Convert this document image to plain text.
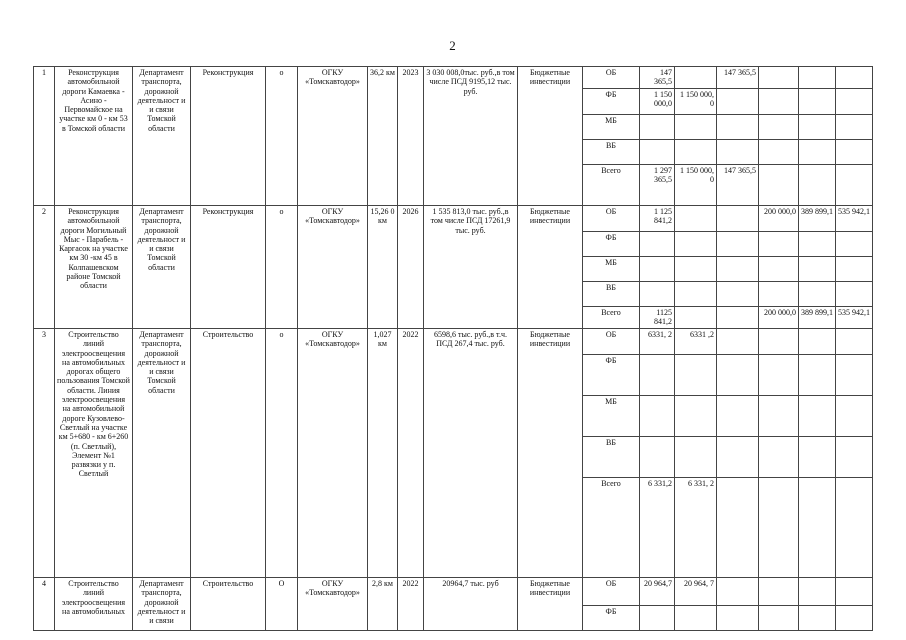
2
1	Реконструкция автомобильной дороги Камаевка - Асино - Первомайское на участке км 0 - км 53 в Томской области	Департамент транспорта, дорожной деятельност и и связи Томской области	Реконструкция	о	ОГКУ «Томскавтодор»	36,2 км	2023	3 030 008,0тыс. руб.,в том числе ПСД 9195,12 тыс. руб.	Бюджетные инвестиции	ОБ	147 365,5		147 365,5			
										ФБ	1 150 000,0	1 150 000, 0				
										МБ						
										ВБ						
										Всего	1 297 365,5	1 150 000, 0	147 365,5			
2	Реконструкция автомобильной дороги Могильный Мыс - Парабель - Каргасок на участке км 30 -км 45 в Колпашевском районе Томской области	Департамент транспорта, дорожной деятельност и и связи Томской области	Реконструкция	о	ОГКУ «Томскавтодор»	15,26 0 км	2026	1 535 813,0 тыс. руб.,в том числе ПСД 17261,9 тыс. руб.	Бюджетные инвестиции	ОБ	1 125 841,2			200 000,0	389 899,1	535 942,1
										ФБ						
										МБ						
										ВБ						
										Всего	1125 841,2			200 000,0	389 899,1	535 942,1
3	Строительство линий электроосвещения на автомобильных дорогах общего пользования Томской области. Линия электроосвещения на автомобильной дороге Кузовлево-Светлый на участке км 5+680 - км 6+260 (п. Светлый), Элемент №1 развязки у п. Светлый	Департамент транспорта, дорожной деятельност и и связи Томской области	Строительство	о	ОГКУ «Томскавтодор»	1,027 км	2022	6598,6 тыс. руб.,в т.ч. ПСД 267,4 тыс. руб.	Бюджетные инвестиции	ОБ	6331, 2	6331 ,2				
										ФБ						
										МБ						
										ВБ						
										Всего	6 331,2	6 331, 2				
4	Строительство линий электроосвещения на автомобильных	Департамент транспорта, дорожной деятельност и и связи	Строительство	О	ОГКУ «Томскавтодор»	2,8 км	2022	20964,7 тыс. руб	Бюджетные инвестиции	ОБ	20 964,7	20 964, 7				
										ФБ						
